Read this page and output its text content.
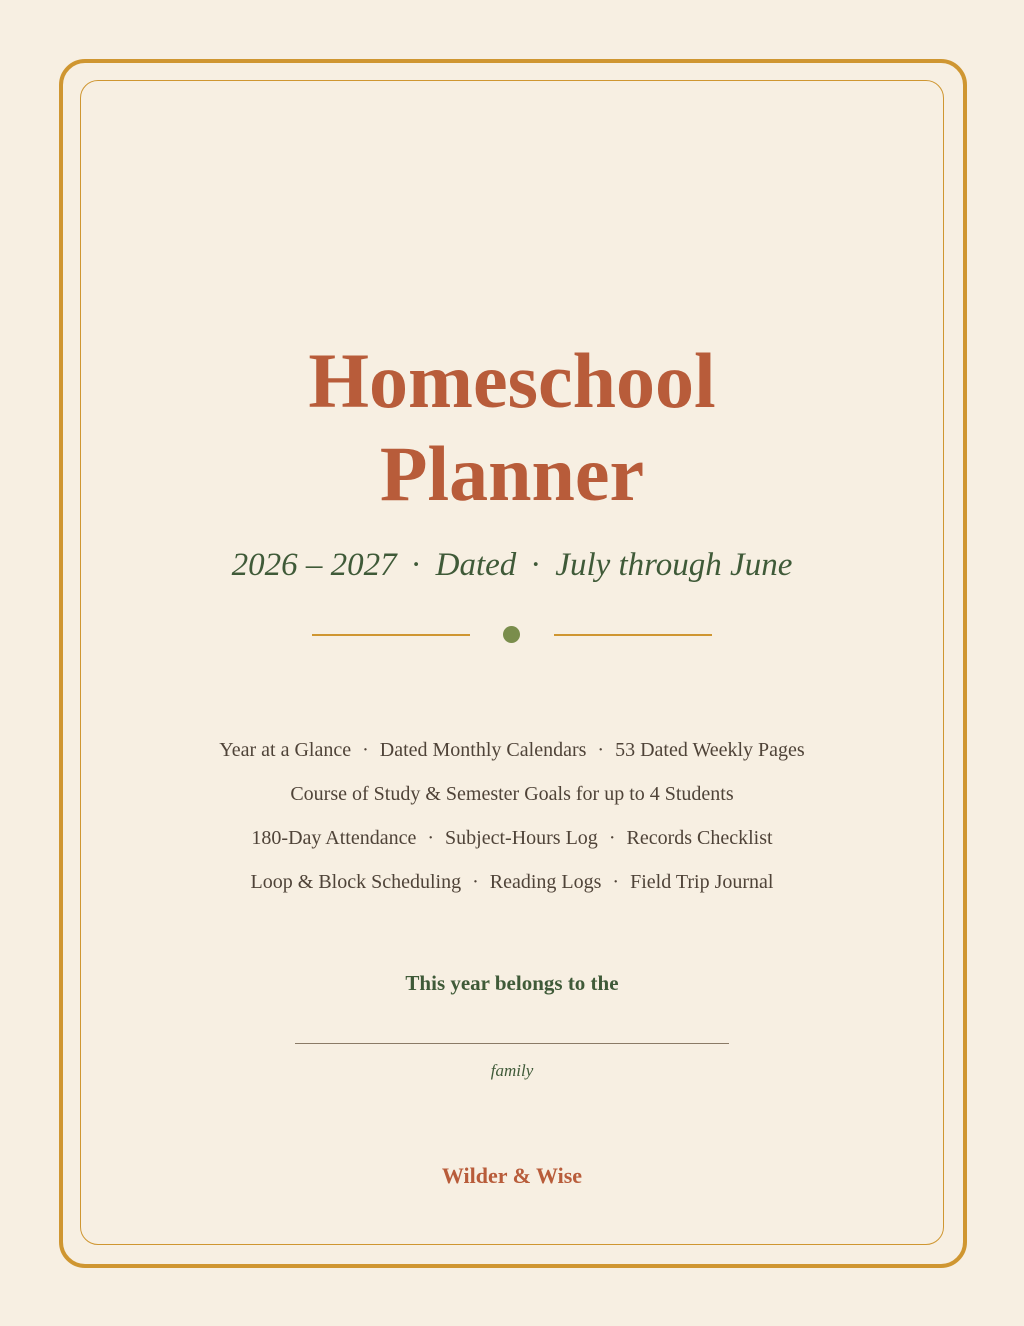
Homeschool
Planner
2026 – 2027 · Dated · July through June
Year at a Glance · Dated Monthly Calendars · 53 Dated Weekly Pages
Course of Study & Semester Goals for up to 4 Students
180-Day Attendance · Subject-Hours Log · Records Checklist
Loop & Block Scheduling · Reading Logs · Field Trip Journal
This year belongs to the
family
Wilder & Wise
